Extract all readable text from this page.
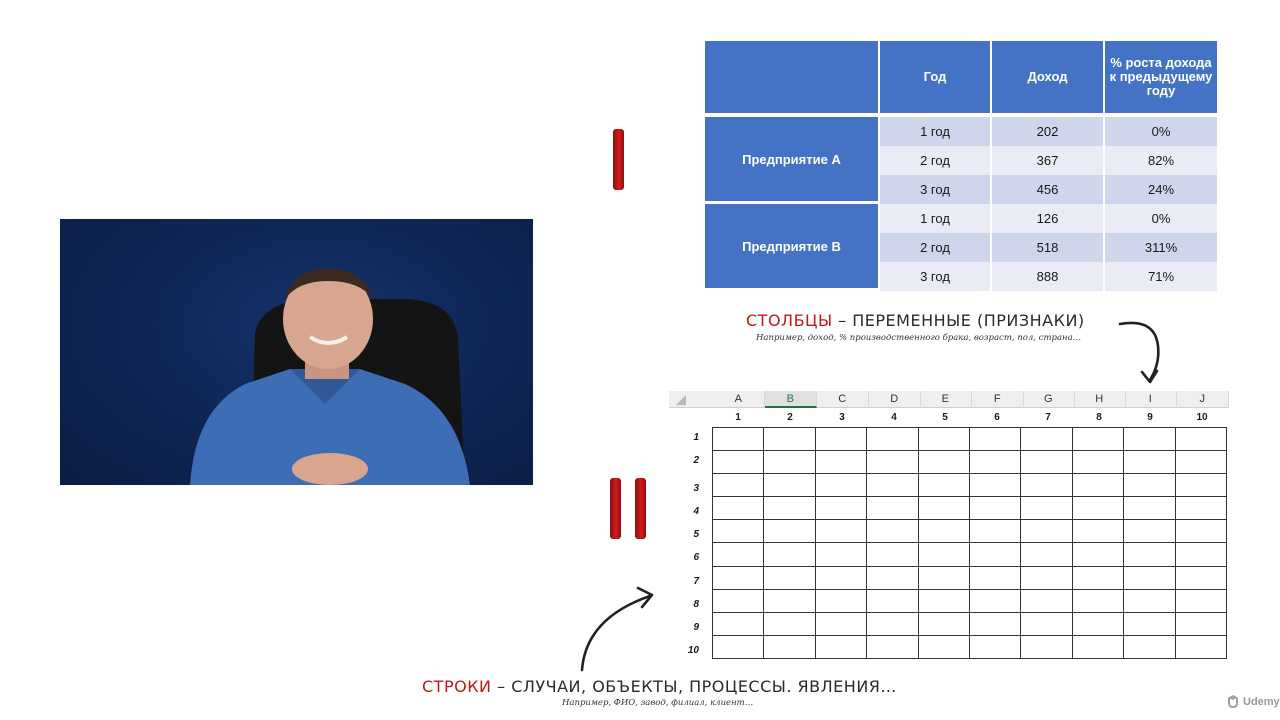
	Год	Доход	% роста дохода к предыдущему году

Предприятие А	1 год	202	0%
	2 год	367	82%
	3 год	456	24%
Предприятие В	1 год	126	0%
	2 год	518	311%
	3 год	888	71%
СТОЛБЦЫ – ПЕРЕМЕННЫЕ (ПРИЗНАКИ)
Например, доход, % производственного брака, возраст, пол, страна…
A	B	C	D	E	F	G	H	I	J
1	2	3	4	5	6	7	8	9	10
1
2
3
4
5
6
7
8
9
10

СТРОКИ – СЛУЧАИ, ОБЪЕКТЫ, ПРОЦЕССЫ. ЯВЛЕНИЯ…
Например, ФИО, завод, филиал, клиент…	Udemy
